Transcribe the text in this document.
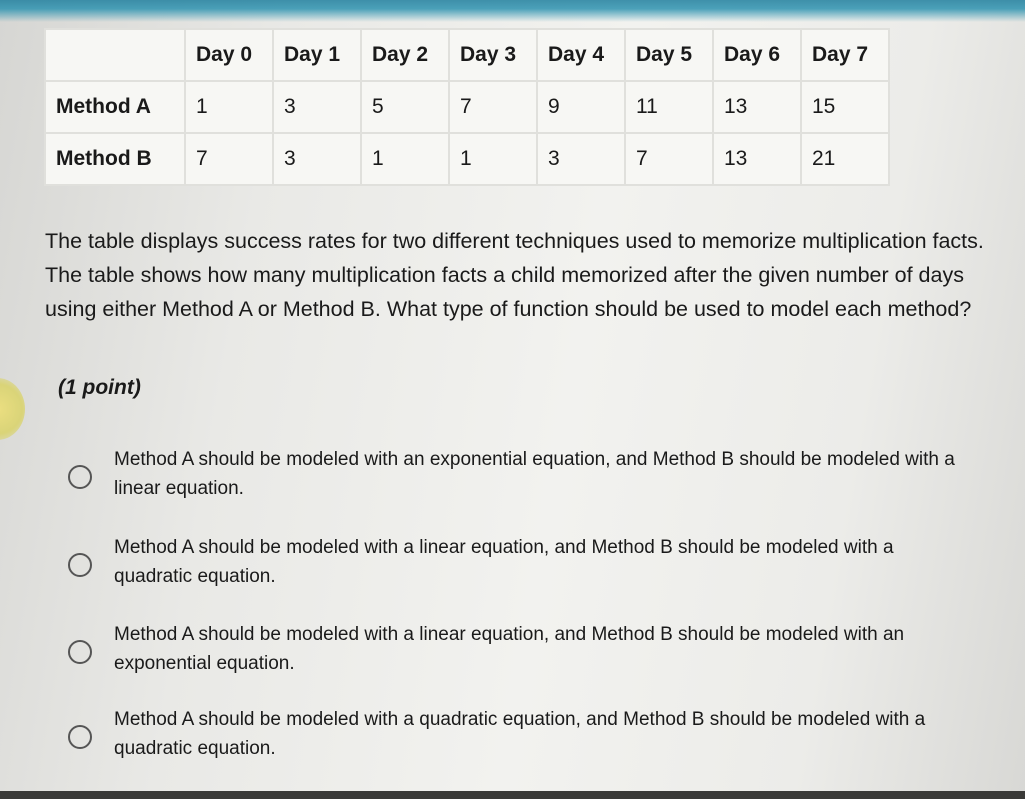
	Day 0	Day 1	Day 2	Day 3	Day 4	Day 5	Day 6	Day 7
Method A	1	3	5	7	9	11	13	15
Method B	7	3	1	1	3	7	13	21

The table displays success rates for two different techniques used to memorize multiplication facts. The table shows how many multiplication facts a child memorized after the given number of days using either Method A or Method B. What type of function should be used to model each method?

(1 point)

Method A should be modeled with an exponential equation, and Method B should be modeled with a linear equation.
Method A should be modeled with a linear equation, and Method B should be modeled with a quadratic equation.
Method A should be modeled with a linear equation, and Method B should be modeled with an exponential equation.
Method A should be modeled with a quadratic equation, and Method B should be modeled with a quadratic equation.
